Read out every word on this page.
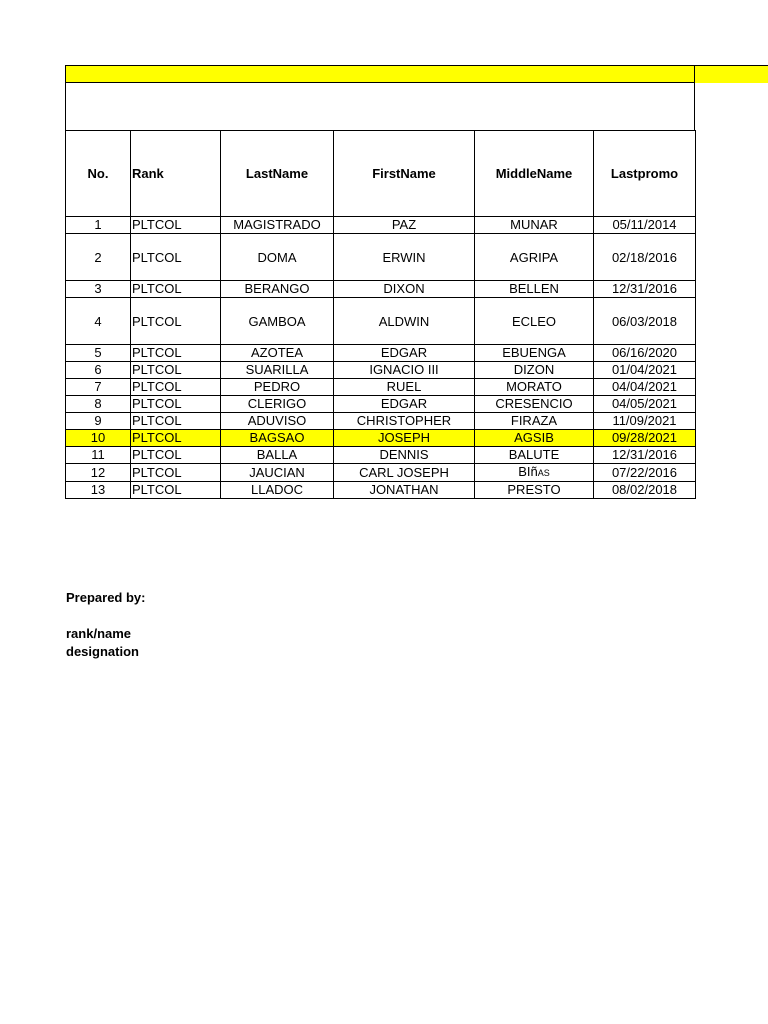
No.	Rank	LastName	FirstName	MiddleName	Lastpromo
1	PLTCOL	MAGISTRADO	PAZ	MUNAR	05/11/2014
2	PLTCOL	DOMA	ERWIN	AGRIPA	02/18/2016
3	PLTCOL	BERANGO	DIXON	BELLEN	12/31/2016
4	PLTCOL	GAMBOA	ALDWIN	ECLEO	06/03/2018
5	PLTCOL	AZOTEA	EDGAR	EBUENGA	06/16/2020
6	PLTCOL	SUARILLA	IGNACIO III	DIZON	01/04/2021
7	PLTCOL	PEDRO	RUEL	MORATO	04/04/2021
8	PLTCOL	CLERIGO	EDGAR	CRESENCIO	04/05/2021
9	PLTCOL	ADUVISO	CHRISTOPHER	FIRAZA	11/09/2021
10	PLTCOL	BAGSAO	JOSEPH	AGSIB	09/28/2021
11	PLTCOL	BALLA	DENNIS	BALUTE	12/31/2016
12	PLTCOL	JAUCIAN	CARL JOSEPH	BIñAS	07/22/2016
13	PLTCOL	LLADOC	JONATHAN	PRESTO	08/02/2018
Prepared by:
rank/name
designation
